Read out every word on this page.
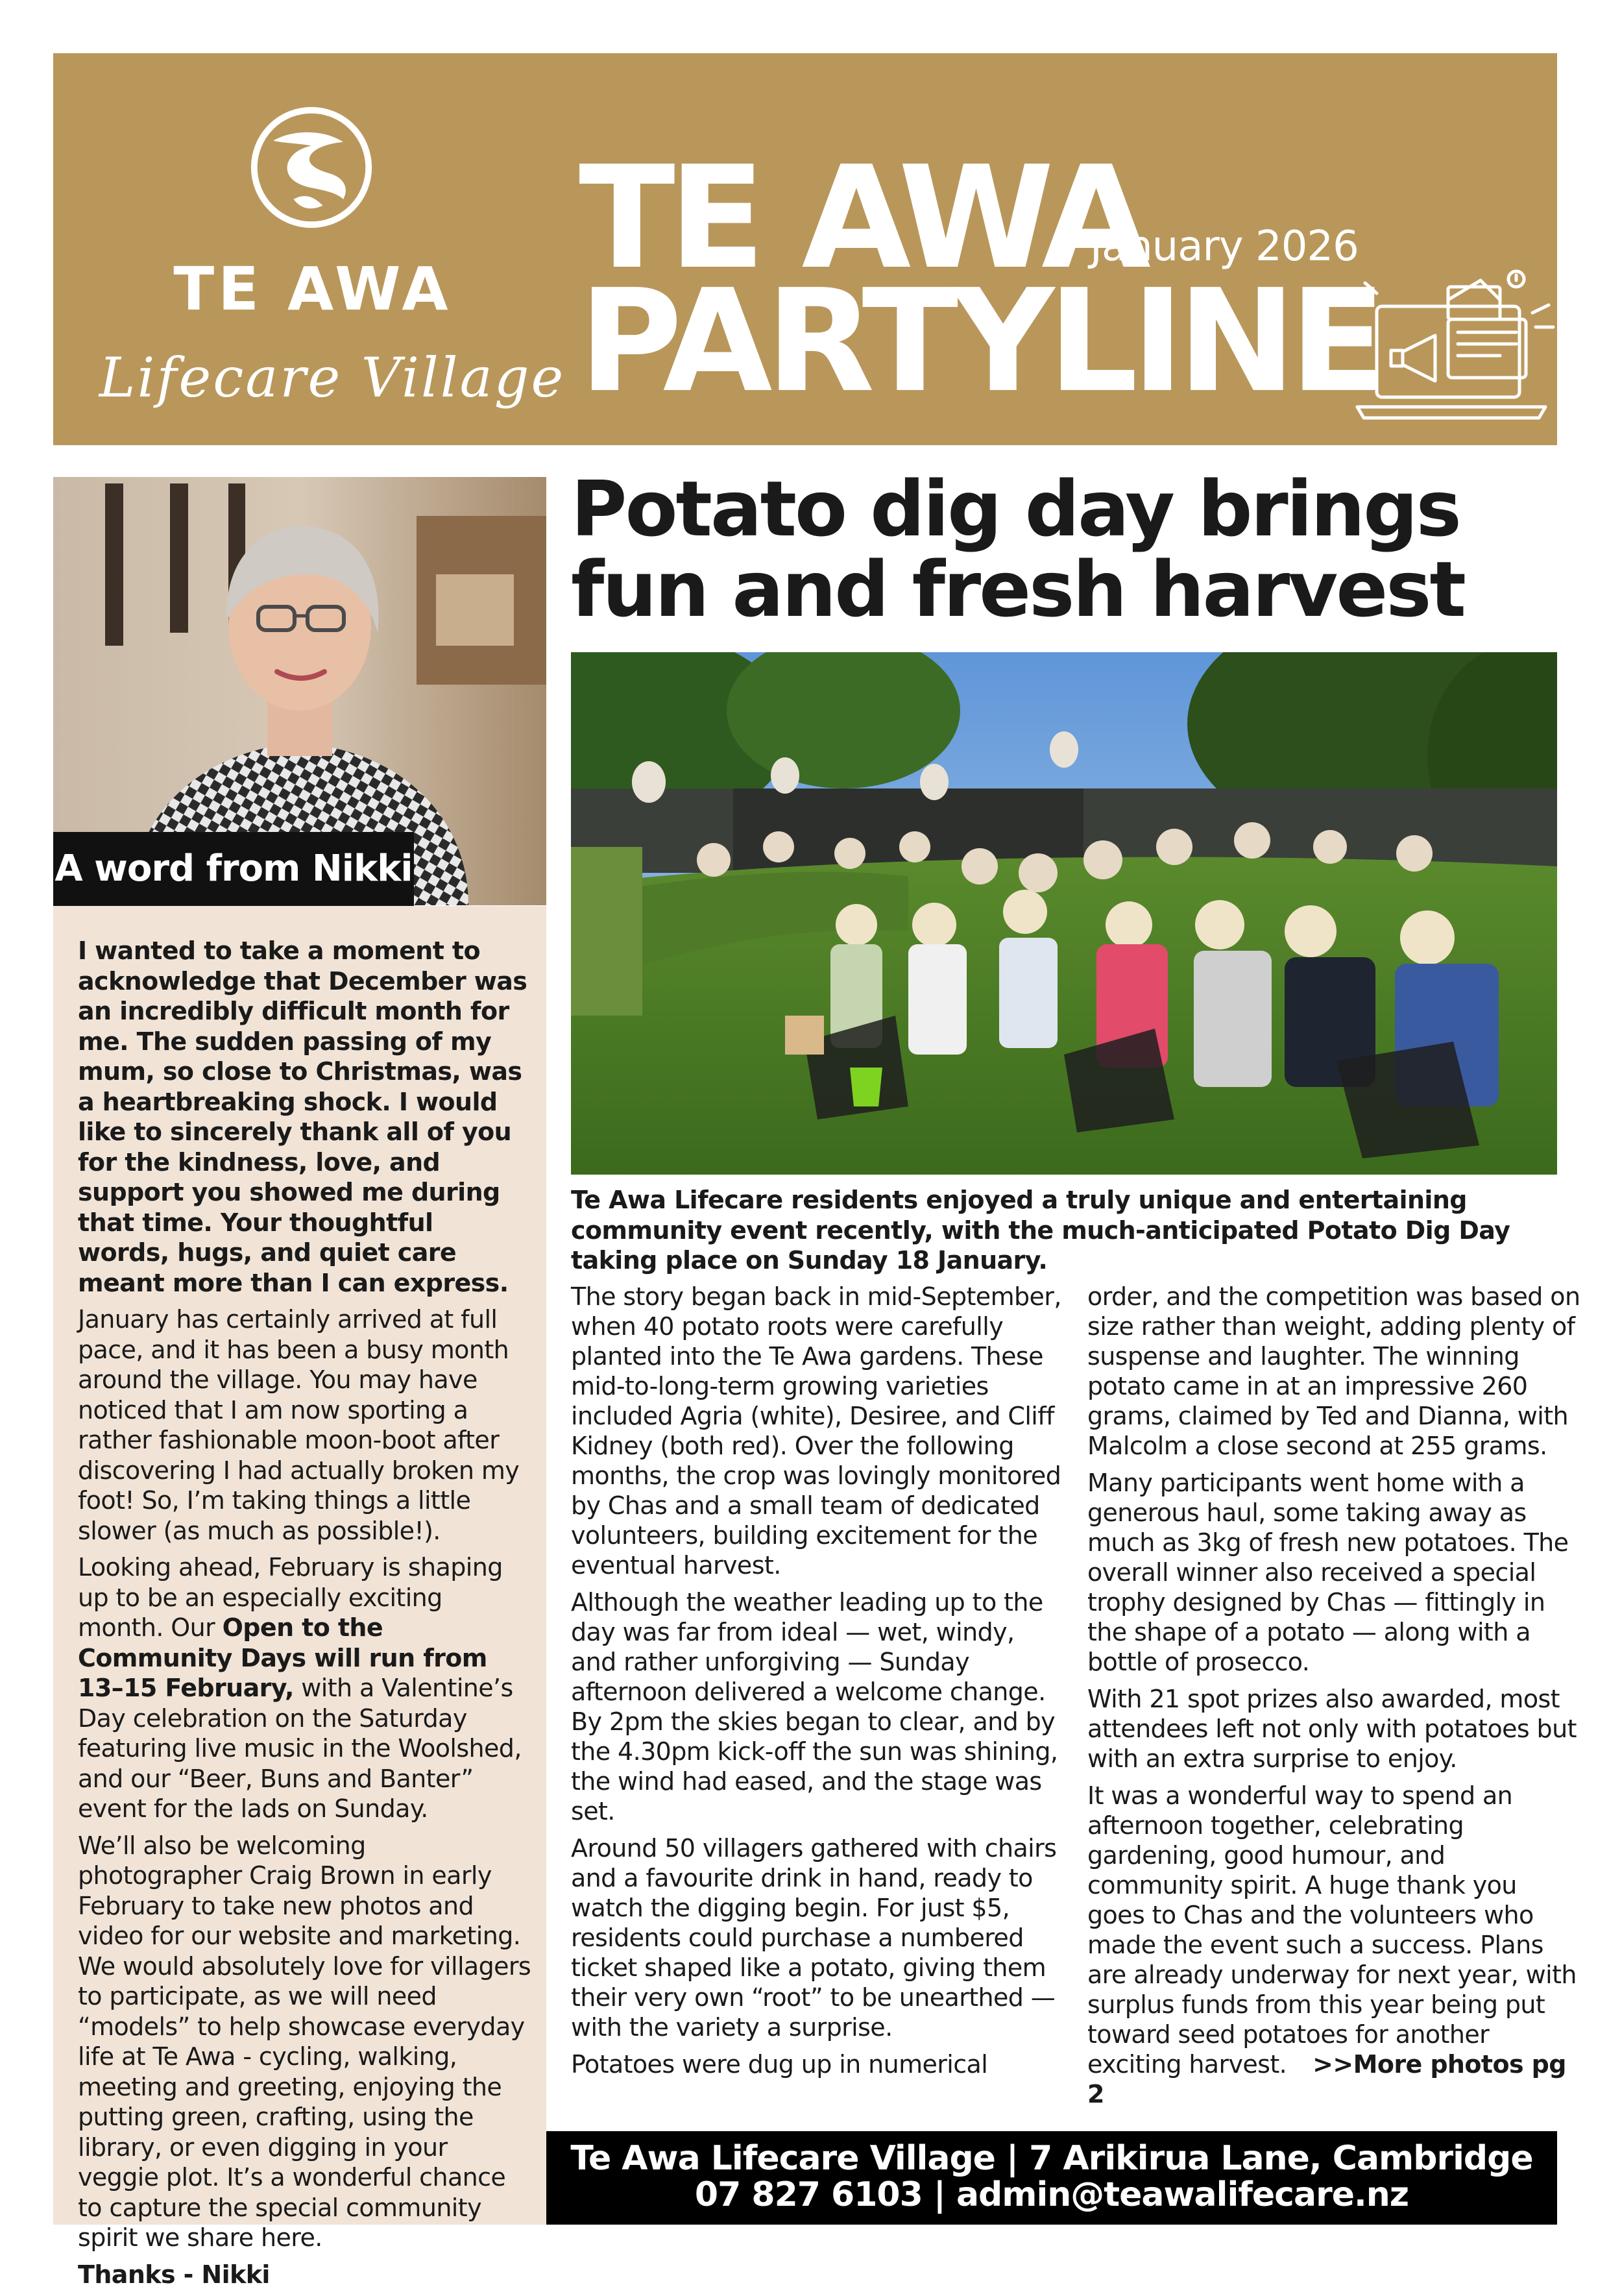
TE AWA
Lifecare Village
TE AWA
PARTYLINE
January 2026
A word from Nikki

I wanted to take a moment to acknowledge that December was an incredibly difficult month for me. The sudden passing of my mum, so close to Christmas, was a heartbreaking shock. I would like to sincerely thank all of you for the kindness, love, and support you showed me during that time. Your thoughtful words, hugs, and quiet care meant more than I can express.

January has certainly arrived at full pace, and it has been a busy month around the village. You may have noticed that I am now sporting a rather fashionable moon-boot after discovering I had actually broken my foot! So, I’m taking things a little slower (as much as possible!).

Looking ahead, February is shaping up to be an especially exciting month. Our Open to the Community Days will run from 13–15 February, with a Valentine’s Day celebration on the Saturday featuring live music in the Woolshed, and our “Beer, Buns and Banter” event for the lads on Sunday.

We’ll also be welcoming photographer Craig Brown in early February to take new photos and video for our website and marketing. We would absolutely love for villagers to participate, as we will need “models” to help showcase everyday life at Te Awa - cycling, walking, meeting and greeting, enjoying the putting green, crafting, using the library, or even digging in your veggie plot. It’s a wonderful chance to capture the special community spirit we share here.

Thanks - Nikki

Potato dig day brings fun and fresh harvest
Te Awa Lifecare residents enjoyed a truly unique and entertaining community event recently, with the much-anticipated Potato Dig Day taking place on Sunday 18 January.

The story began back in mid-September, when 40 potato roots were carefully planted into the Te Awa gardens. These mid-to-long-term growing varieties included Agria (white), Desiree, and Cliff Kidney (both red). Over the following months, the crop was lovingly monitored by Chas and a small team of dedicated volunteers, building excitement for the eventual harvest.

Although the weather leading up to the day was far from ideal — wet, windy, and rather unforgiving — Sunday afternoon delivered a welcome change. By 2pm the skies began to clear, and by the 4.30pm kick-off the sun was shining, the wind had eased, and the stage was set.

Around 50 villagers gathered with chairs and a favourite drink in hand, ready to watch the digging begin. For just $5, residents could purchase a numbered ticket shaped like a potato, giving them their very own “root” to be unearthed — with the variety a surprise.

Potatoes were dug up in numerical

order, and the competition was based on size rather than weight, adding plenty of suspense and laughter. The winning potato came in at an impressive 260 grams, claimed by Ted and Dianna, with Malcolm a close second at 255 grams.

Many participants went home with a generous haul, some taking away as much as 3kg of fresh new potatoes. The overall winner also received a special trophy designed by Chas — fittingly in the shape of a potato — along with a bottle of prosecco.

With 21 spot prizes also awarded, most attendees left not only with potatoes but with an extra surprise to enjoy.

It was a wonderful way to spend an afternoon together, celebrating gardening, good humour, and community spirit. A huge thank you goes to Chas and the volunteers who made the event such a success. Plans are already underway for next year, with surplus funds from this year being put toward seed potatoes for another exciting harvest. >>More photos pg 2

Te Awa Lifecare Village | 7 Arikirua Lane, Cambridge
07 827 6103 | admin@teawalifecare.nz
